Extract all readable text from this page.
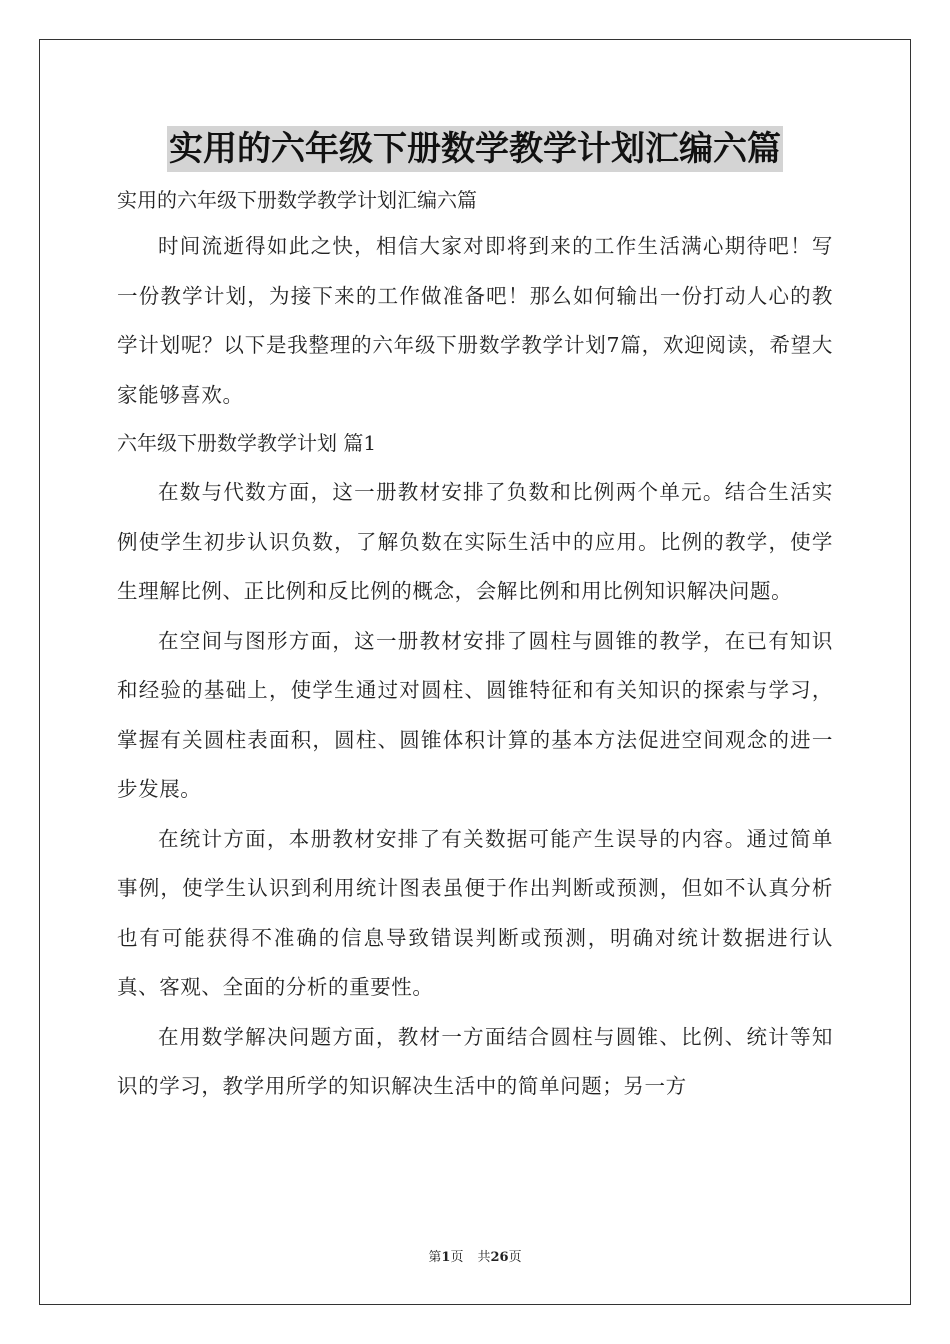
实用的六年级下册数学教学计划汇编六篇

实用的六年级下册数学教学计划汇编六篇

时间流逝得如此之快，相信大家对即将到来的工作生活满心期待吧！写一份教学计划，为接下来的工作做准备吧！那么如何输出一份打动人心的教学计划呢？以下是我整理的六年级下册数学教学计划7篇，欢迎阅读，希望大家能够喜欢。

六年级下册数学教学计划 篇1

在数与代数方面，这一册教材安排了负数和比例两个单元。结合生活实例使学生初步认识负数，了解负数在实际生活中的应用。比例的教学，使学生理解比例、正比例和反比例的概念，会解比例和用比例知识解决问题。

在空间与图形方面，这一册教材安排了圆柱与圆锥的教学，在已有知识和经验的基础上，使学生通过对圆柱、圆锥特征和有关知识的探索与学习，掌握有关圆柱表面积，圆柱、圆锥体积计算的基本方法促进空间观念的进一步发展。

在统计方面，本册教材安排了有关数据可能产生误导的内容。通过简单事例，使学生认识到利用统计图表虽便于作出判断或预测，但如不认真分析也有可能获得不准确的信息导致错误判断或预测，明确对统计数据进行认真、客观、全面的分析的重要性。

在用数学解决问题方面，教材一方面结合圆柱与圆锥、比例、统计等知识的学习，教学用所学的知识解决生活中的简单问题；另一方

第1页 共26页
